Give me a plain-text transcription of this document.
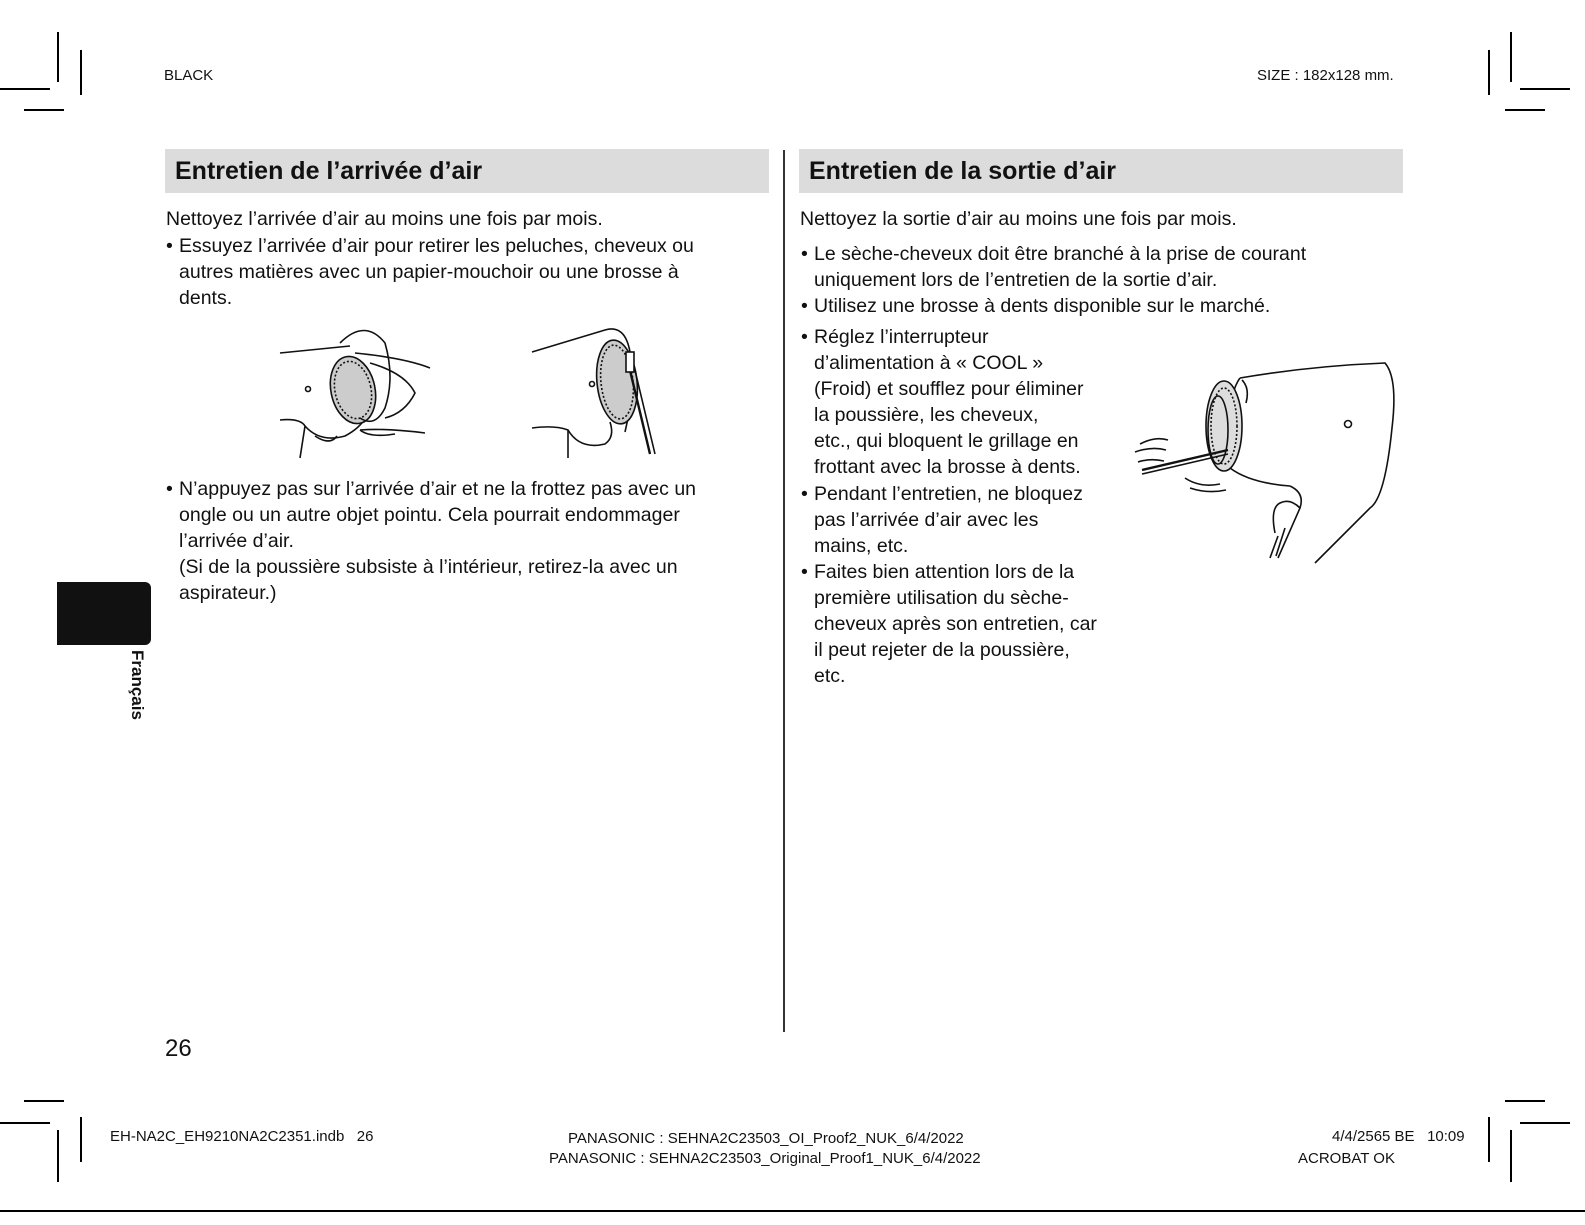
BLACK	SIZE : 182x128 mm.
Entretien de l’arrivée d’air

Nettoyez l’arrivée d’air au moins une fois par mois.

• Essuyez l’arrivée d’air pour retirer les peluches, cheveux ou
autres matières avec un papier-mouchoir ou une brosse à
dents.
• N’appuyez pas sur l’arrivée d’air et ne la frottez pas avec un
ongle ou un autre objet pointu. Cela pourrait endommager
l’arrivée d’air.
(Si de la poussière subsiste à l’intérieur, retirez-la avec un
aspirateur.)
Entretien de la sortie d’air

Nettoyez la sortie d’air au moins une fois par mois.

• Le sèche-cheveux doit être branché à la prise de courant
uniquement lors de l’entretien de la sortie d’air.
• Utilisez une brosse à dents disponible sur le marché.
• Réglez l’interrupteur
d’alimentation à « COOL »
(Froid) et soufflez pour éliminer
la poussière, les cheveux,
etc., qui bloquent le grillage en
frottant avec la brosse à dents.
• Pendant l’entretien, ne bloquez
pas l’arrivée d’air avec les
mains, etc.
• Faites bien attention lors de la
première utilisation du sèche-
cheveux après son entretien, car
il peut rejeter de la poussière,
etc.
Français
26
EH-NA2C_EH9210NA2C2351.indb   26	PANASONIC : SEHNA2C23503_OI_Proof2_NUK_6/4/2022
PANASONIC : SEHNA2C23503_Original_Proof1_NUK_6/4/2022
4/4/2565 BE   10:09
ACROBAT OK
